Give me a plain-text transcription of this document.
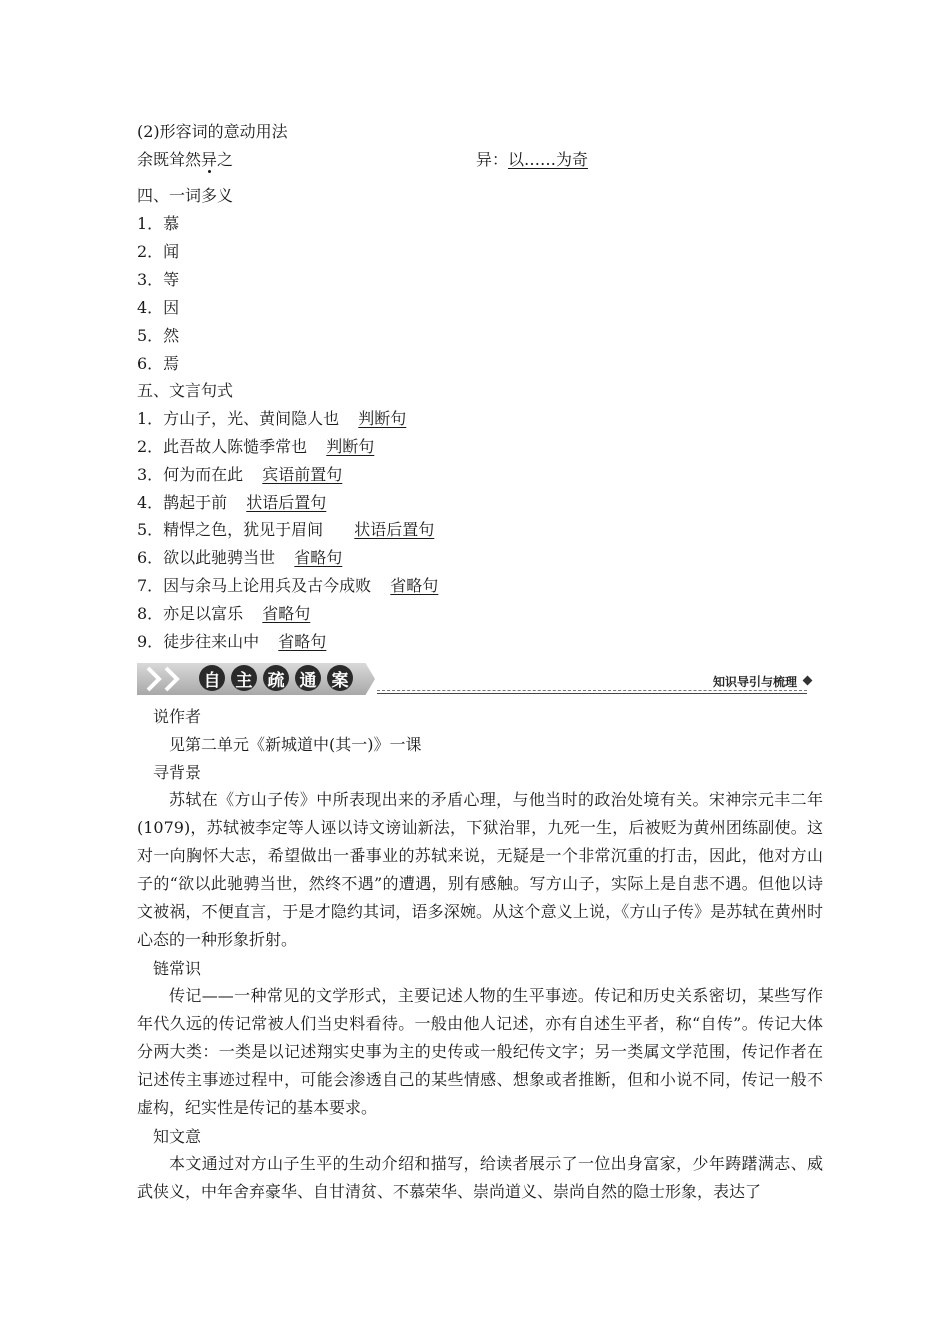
(2)形容词的意动用法
余既耸然异之	异：以……为奇
四、一词多义
1．慕
2．闻
3．等
4．因
5．然
6．焉
五、文言句式
1．方山子，光、黄间隐人也 判断句
2．此吾故人陈慥季常也 判断句
3．何为而在此 宾语前置句
4．鹊起于前 状语后置句
5．精悍之色，犹见于眉间 状语后置句
6．欲以此驰骋当世 省略句
7．因与余马上论用兵及古今成败 省略句
8．亦足以富乐 省略句
9．徒步往来山中 省略句
自 主 疏 通 案	知识导引与梳理
说作者
见第二单元《新城道中(其一)》一课
寻背景
苏轼在《方山子传》中所表现出来的矛盾心理，与他当时的政治处境有关。宋神宗元丰二年(1079)，苏轼被李定等人诬以诗文谤讪新法，下狱治罪，九死一生，后被贬为黄州团练副使。这对一向胸怀大志，希望做出一番事业的苏轼来说，无疑是一个非常沉重的打击，因此，他对方山子的“欲以此驰骋当世，然终不遇”的遭遇，别有感触。写方山子，实际上是自悲不遇。但他以诗文被祸，不便直言，于是才隐约其词，语多深婉。从这个意义上说，《方山子传》是苏轼在黄州时心态的一种形象折射。
链常识
传记——一种常见的文学形式，主要记述人物的生平事迹。传记和历史关系密切，某些写作年代久远的传记常被人们当史料看待。一般由他人记述，亦有自述生平者，称“自传”。传记大体分两大类：一类是以记述翔实史事为主的史传或一般纪传文字；另一类属文学范围，传记作者在记述传主事迹过程中，可能会渗透自己的某些情感、想象或者推断，但和小说不同，传记一般不虚构，纪实性是传记的基本要求。
知文意
本文通过对方山子生平的生动介绍和描写，给读者展示了一位出身富家，少年踌躇满志、威武侠义，中年舍弃豪华、自甘清贫、不慕荣华、崇尚道义、崇尚自然的隐士形象，表达了
